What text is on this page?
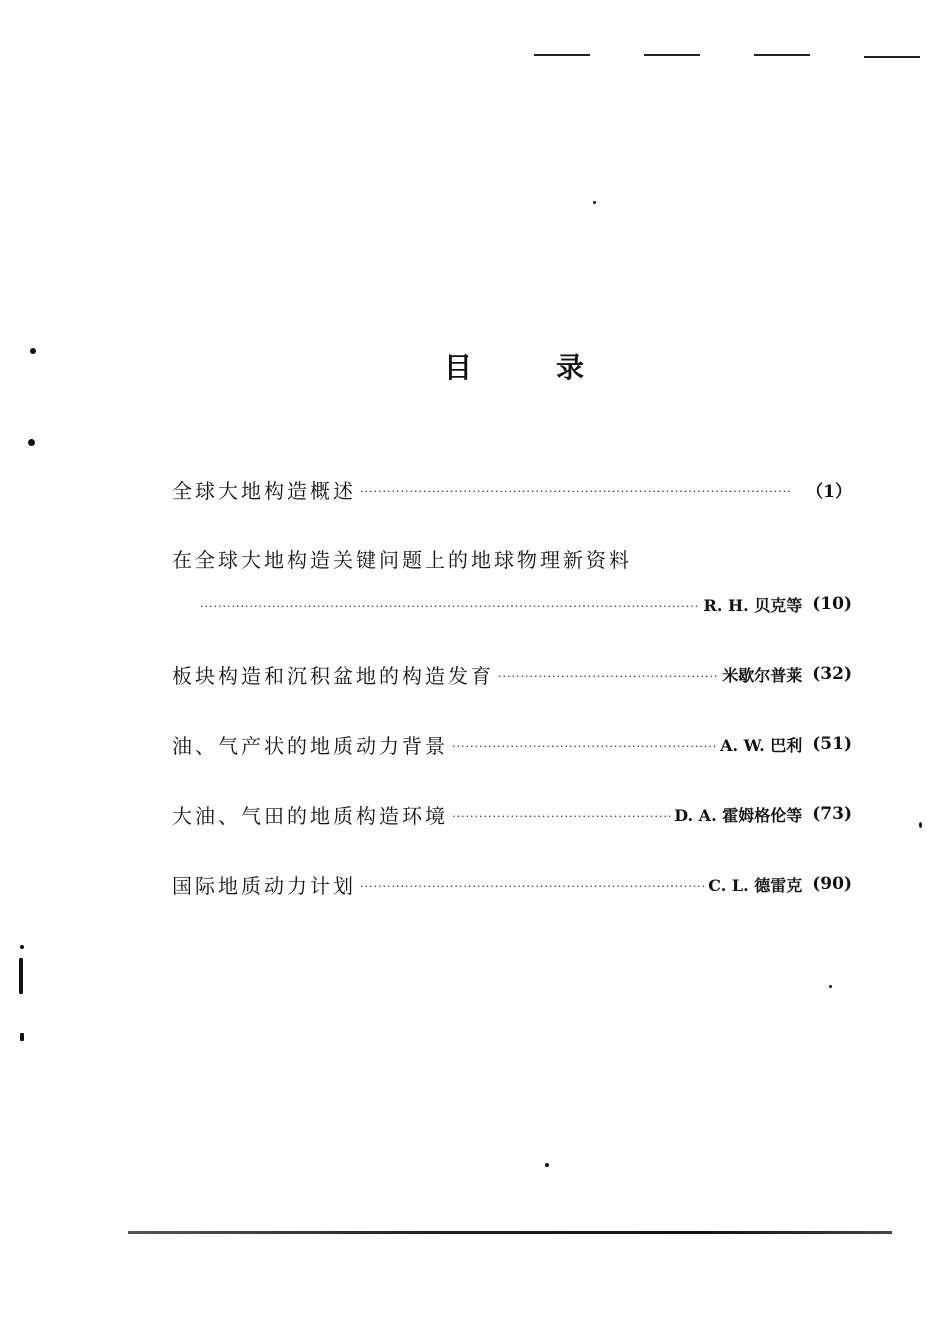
目	录
全球大地构造概述 .....	（1）
在全球大地构造关键问题上的地球物理新资料
.....
R. H. 贝克等 (10)
板块构造和沉积盆地的构造发育 .....	米歇尔普莱 (32)
油、气产状的地质动力背景 .....	A. W. 巴利 (51)
大油、气田的地质构造环境 .....	D. A. 霍姆格伦等 (73)
国际地质动力计划 .....	C. L. 德雷克 (90)
